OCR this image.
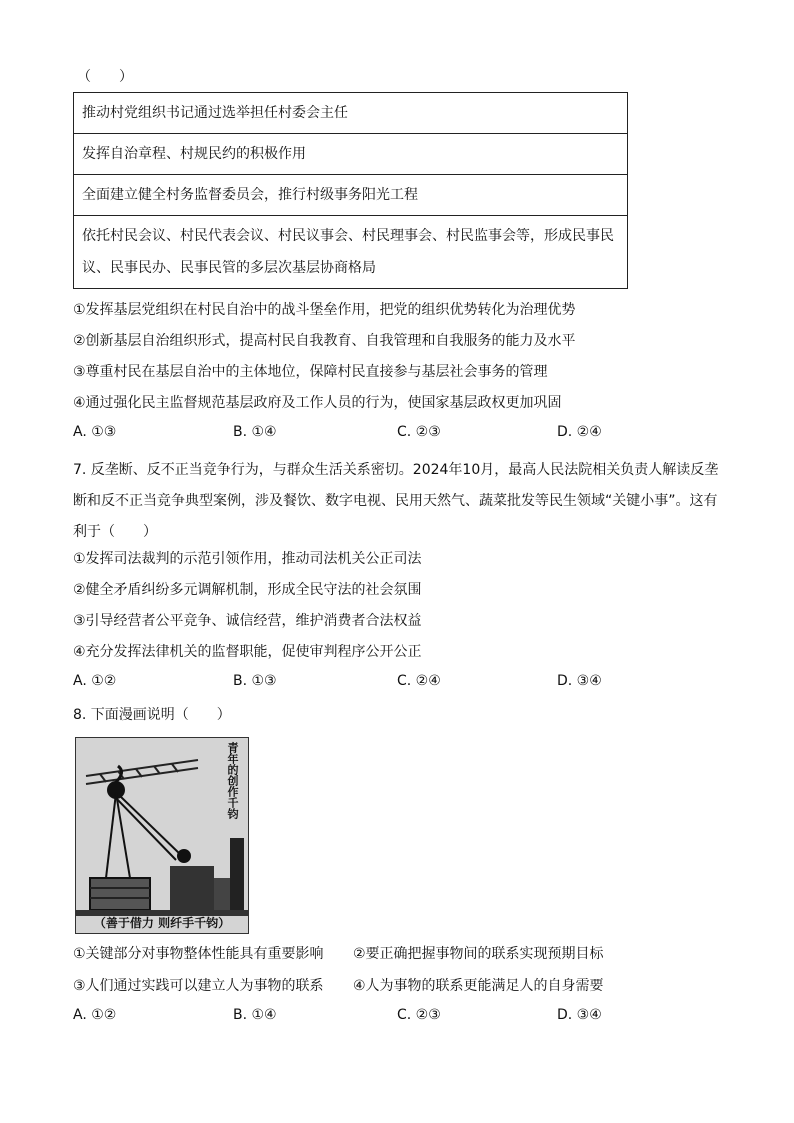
（　　）
推动村党组织书记通过选举担任村委会主任
发挥自治章程、村规民约的积极作用
全面建立健全村务监督委员会，推行村级事务阳光工程
依托村民会议、村民代表会议、村民议事会、村民理事会、村民监事会等，形成民事民议、民事民办、民事民管的多层次基层协商格局
①发挥基层党组织在村民自治中的战斗堡垒作用，把党的组织优势转化为治理优势
②创新基层自治组织形式，提高村民自我教育、自我管理和自我服务的能力及水平
③尊重村民在基层自治中的主体地位，保障村民直接参与基层社会事务的管理
④通过强化民主监督规范基层政府及工作人员的行为，使国家基层政权更加巩固
A. ①③	B. ①④	C. ②③	D. ②④
7. 反垄断、反不正当竞争行为，与群众生活关系密切。2024年10月，最高人民法院相关负责人解读反垄断和反不正当竞争典型案例，涉及餐饮、数字电视、民用天然气、蔬菜批发等民生领域“关键小事”。这有利于（　　）
①发挥司法裁判的示范引领作用，推动司法机关公正司法
②健全矛盾纠纷多元调解机制，形成全民守法的社会氛围
③引导经营者公平竞争、诚信经营，维护消费者合法权益
④充分发挥法律机关的监督职能，促使审判程序公开公正
A. ①②	B. ①③	C. ②④	D. ③④
8. 下面漫画说明（　　）
青年的创作千钧
（善于借力 则纤手千钧）
①关键部分对事物整体性能具有重要影响 ②要正确把握事物间的联系实现预期目标
③人们通过实践可以建立人为事物的联系 ④人为事物的联系更能满足人的自身需要
A. ①②	B. ①④	C. ②③	D. ③④
